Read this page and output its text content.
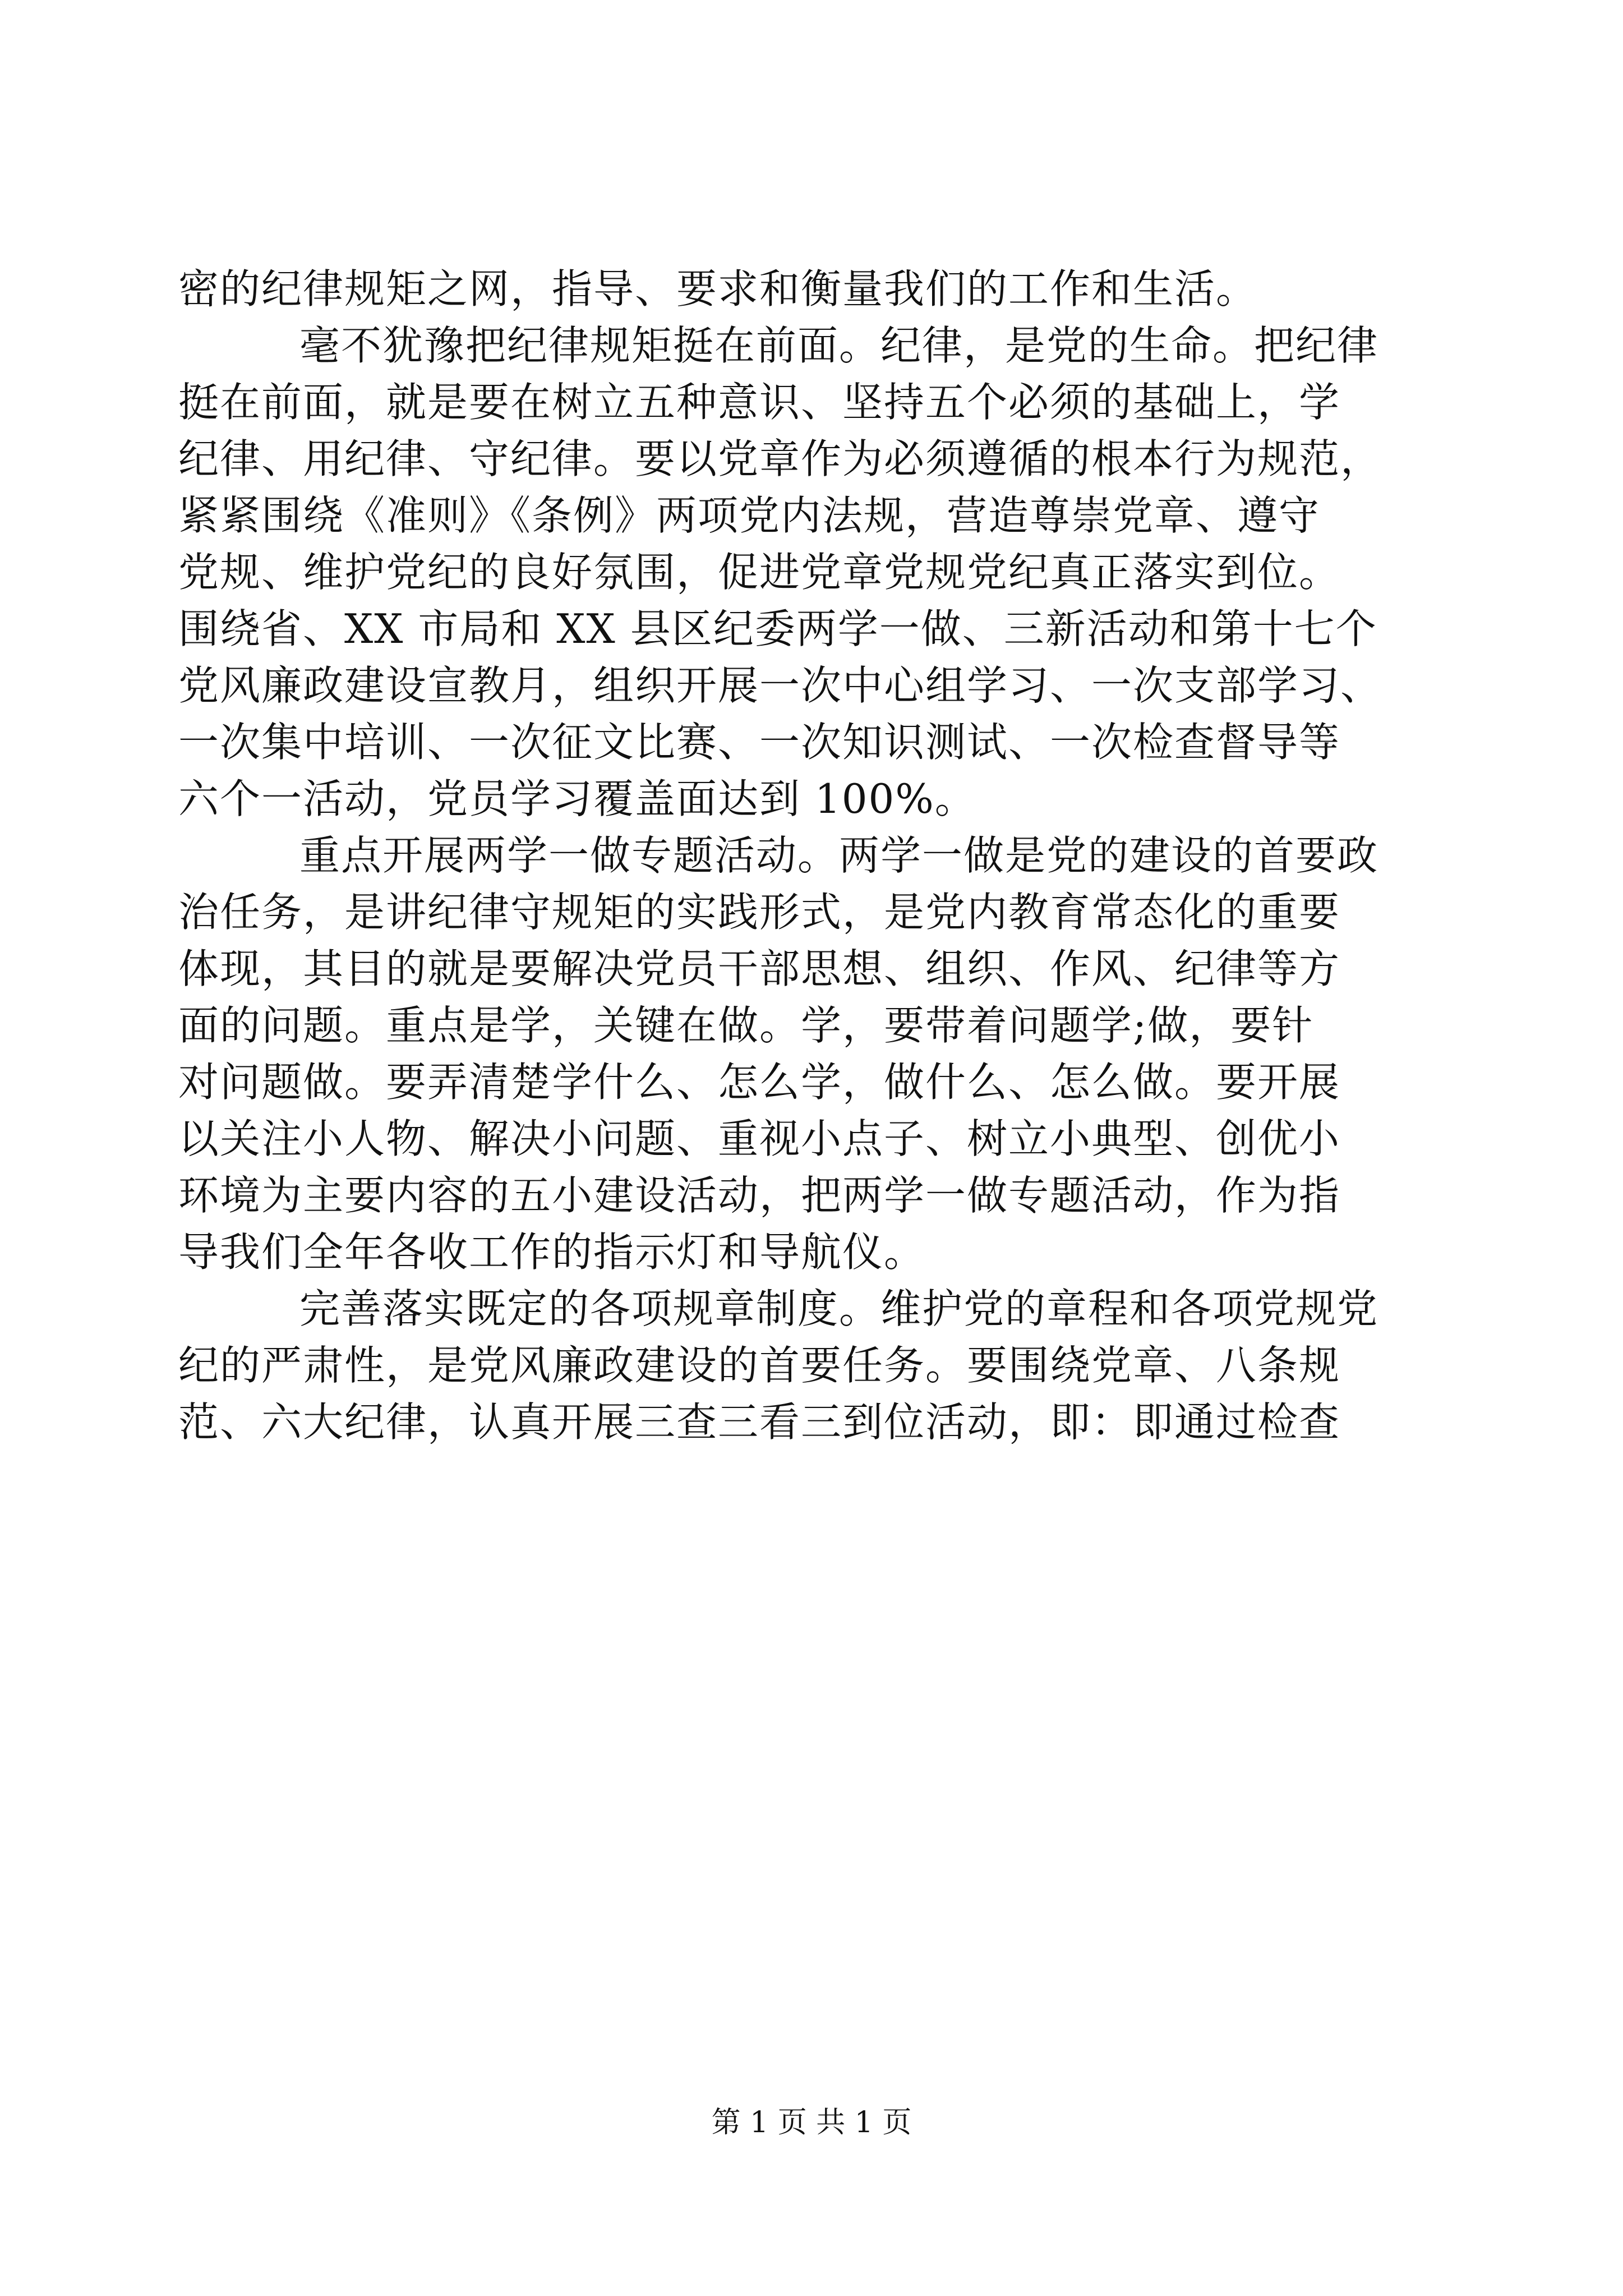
密的纪律规矩之网，指导、要求和衡量我们的工作和生活。
毫不犹豫把纪律规矩挺在前面。纪律，是党的生命。把纪律
挺在前面，就是要在树立五种意识、坚持五个必须的基础上，学
纪律、用纪律、守纪律。要以党章作为必须遵循的根本行为规范，
紧紧围绕《准则》《条例》两项党内法规，营造尊崇党章、遵守
党规、维护党纪的良好氛围，促进党章党规党纪真正落实到位。
围绕省、XX 市局和 XX 县区纪委两学一做、三新活动和第十七个
党风廉政建设宣教月，组织开展一次中心组学习、一次支部学习、
一次集中培训、一次征文比赛、一次知识测试、一次检查督导等
六个一活动，党员学习覆盖面达到 100%。
重点开展两学一做专题活动。两学一做是党的建设的首要政
治任务，是讲纪律守规矩的实践形式，是党内教育常态化的重要
体现，其目的就是要解决党员干部思想、组织、作风、纪律等方
面的问题。重点是学，关键在做。学，要带着问题学;做，要针
对问题做。要弄清楚学什么、怎么学，做什么、怎么做。要开展
以关注小人物、解决小问题、重视小点子、树立小典型、创优小
环境为主要内容的五小建设活动，把两学一做专题活动，作为指
导我们全年各收工作的指示灯和导航仪。
完善落实既定的各项规章制度。维护党的章程和各项党规党
纪的严肃性，是党风廉政建设的首要任务。要围绕党章、八条规
范、六大纪律，认真开展三查三看三到位活动，即：即通过检查
第 1 页 共 1 页
